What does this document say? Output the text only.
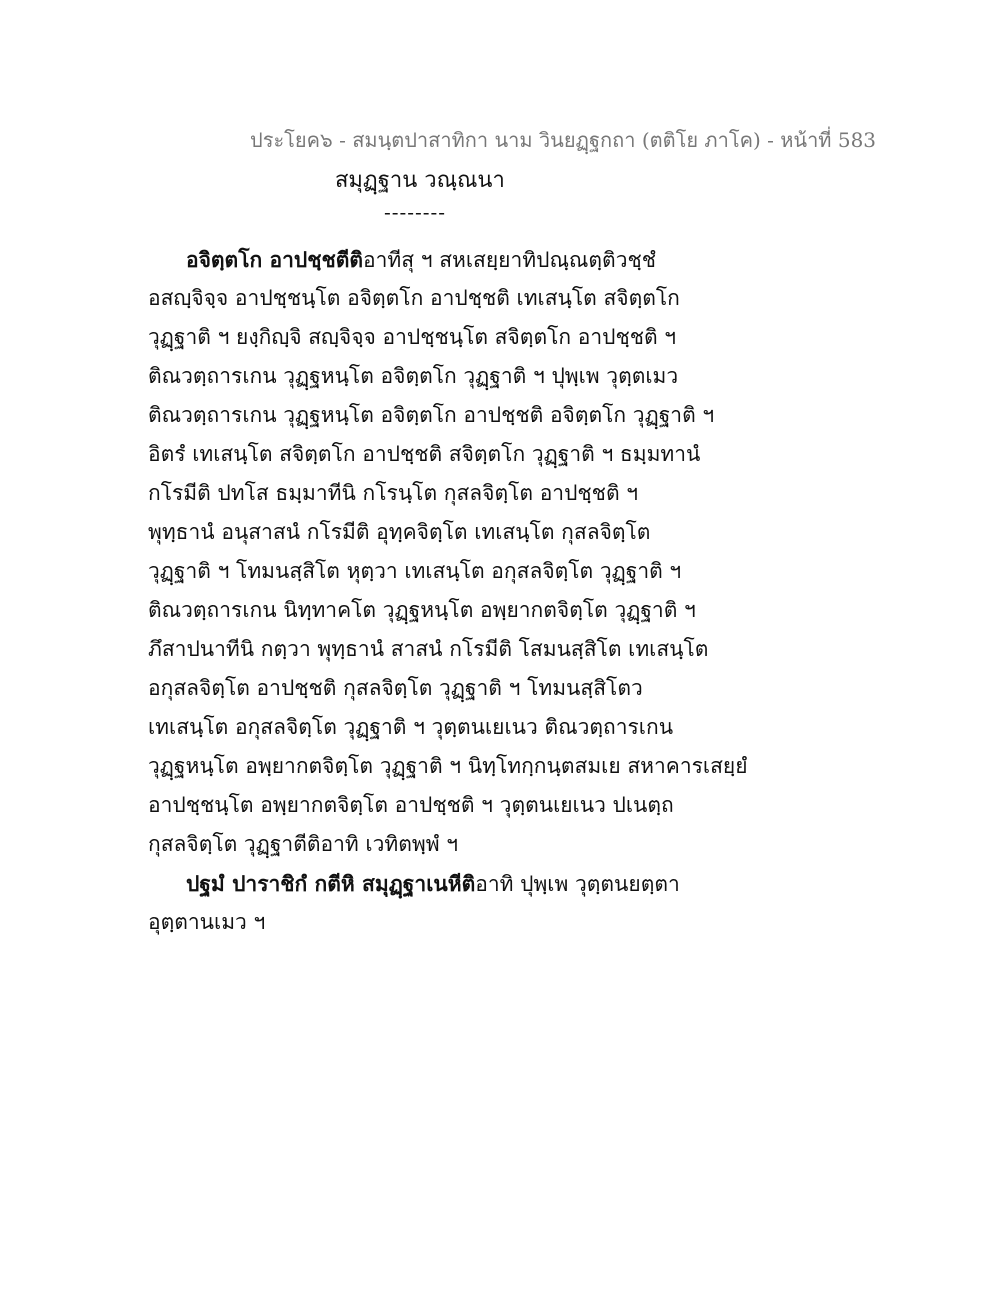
ประโยค๖ - สมนฺตปาสาทิกา นาม วินยฏฺฐกถา (ตติโย ภาโค) - หน้าที่ 583
สมุฏฺฐาน วณฺณนา
--------
อจิตฺตโก อาปชฺชตีติอาทีสุ ฯ สหเสยฺยาทิปณฺณตฺติวชฺชํ
อสญฺจิจฺจ อาปชฺชนฺโต อจิตฺตโก อาปชฺชติ เทเสนฺโต สจิตฺตโก
วุฏฺฐาติ ฯ ยงฺกิญฺจิ สญฺจิจฺจ อาปชฺชนฺโต สจิตฺตโก อาปชฺชติ ฯ
ติณวตฺถารเกน วุฏฺฐหนฺโต อจิตฺตโก วุฏฺฐาติ ฯ ปุพฺเพ วุตฺตเมว
ติณวตฺถารเกน วุฏฺฐหนฺโต อจิตฺตโก อาปชฺชติ อจิตฺตโก วุฏฺฐาติ ฯ
อิตรํ เทเสนฺโต สจิตฺตโก อาปชฺชติ สจิตฺตโก วุฏฺฐาติ ฯ ธมฺมทานํ
กโรมีติ ปทโส ธมฺมาทีนิ กโรนฺโต กุสลจิตฺโต อาปชฺชติ ฯ
พุทฺธานํ อนุสาสนํ กโรมีติ อุทฺคจิตฺโต เทเสนฺโต กุสลจิตฺโต
วุฏฺฐาติ ฯ โทมนสฺสิโต หุตฺวา เทเสนฺโต อกุสลจิตฺโต วุฏฺฐาติ ฯ
ติณวตฺถารเกน นิทฺทาคโต วุฏฺฐหนฺโต อพฺยากตจิตฺโต วุฏฺฐาติ ฯ
ภึสาปนาทีนิ กตฺวา พุทฺธานํ สาสนํ กโรมีติ โสมนสฺสิโต เทเสนฺโต
อกุสลจิตฺโต อาปชฺชติ กุสลจิตฺโต วุฏฺฐาติ ฯ โทมนสฺสิโตว
เทเสนฺโต อกุสลจิตฺโต วุฏฺฐาติ ฯ วุตฺตนเยเนว ติณวตฺถารเกน
วุฏฺฐหนฺโต อพฺยากตจิตฺโต วุฏฺฐาติ ฯ นิทฺโทกฺกนฺตสมเย สหาคารเสยฺยํ
อาปชฺชนฺโต อพฺยากตจิตฺโต อาปชฺชติ ฯ วุตฺตนเยเนว ปเนตฺถ
กุสลจิตฺโต วุฏฺฐาตีติอาทิ เวทิตพฺพํ ฯ
ปฐมํ ปาราชิกํ กตีหิ สมุฏฺฐาเนหีติอาทิ ปุพฺเพ วุตฺตนยตฺตา
อุตฺตานเมว ฯ
